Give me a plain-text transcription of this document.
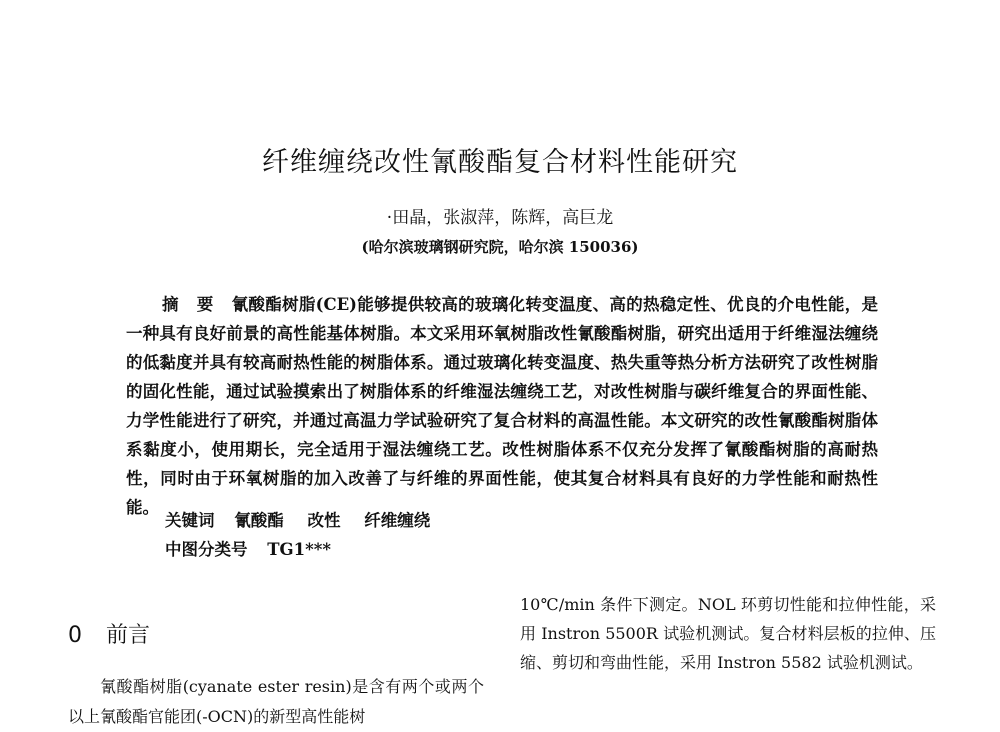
纤维缠绕改性氰酸酯复合材料性能研究
·田晶，张淑萍，陈辉，高巨龙
(哈尔滨玻璃钢研究院，哈尔滨 150036)
摘要氰酸酯树脂(CE)能够提供较高的玻璃化转变温度、高的热稳定性、优良的介电性能，是一种具有良好前景的高性能基体树脂。本文采用环氧树脂改性氰酸酯树脂，研究出适用于纤维湿法缠绕的低黏度并具有较高耐热性能的树脂体系。通过玻璃化转变温度、热失重等热分析方法研究了改性树脂的固化性能，通过试验摸索出了树脂体系的纤维湿法缠绕工艺，对改性树脂与碳纤维复合的界面性能、力学性能进行了研究，并通过高温力学试验研究了复合材料的高温性能。本文研究的改性氰酸酯树脂体系黏度小，使用期长，完全适用于湿法缠绕工艺。改性树脂体系不仅充分发挥了氰酸酯树脂的高耐热性，同时由于环氧树脂的加入改善了与纤维的界面性能，使其复合材料具有良好的力学性能和耐热性能。
关键词 氰酸酯 改性 纤维缠绕
中图分类号 TG1***
0 前言
氰酸酯树脂(cyanate ester resin)是含有两个或两个以上氰酸酯官能团(-OCN)的新型高性能树
10℃/min 条件下测定。NOL 环剪切性能和拉伸性能，采用 Instron 5500R 试验机测试。复合材料层板的拉伸、压缩、剪切和弯曲性能，采用 Instron 5582 试验机测试。
